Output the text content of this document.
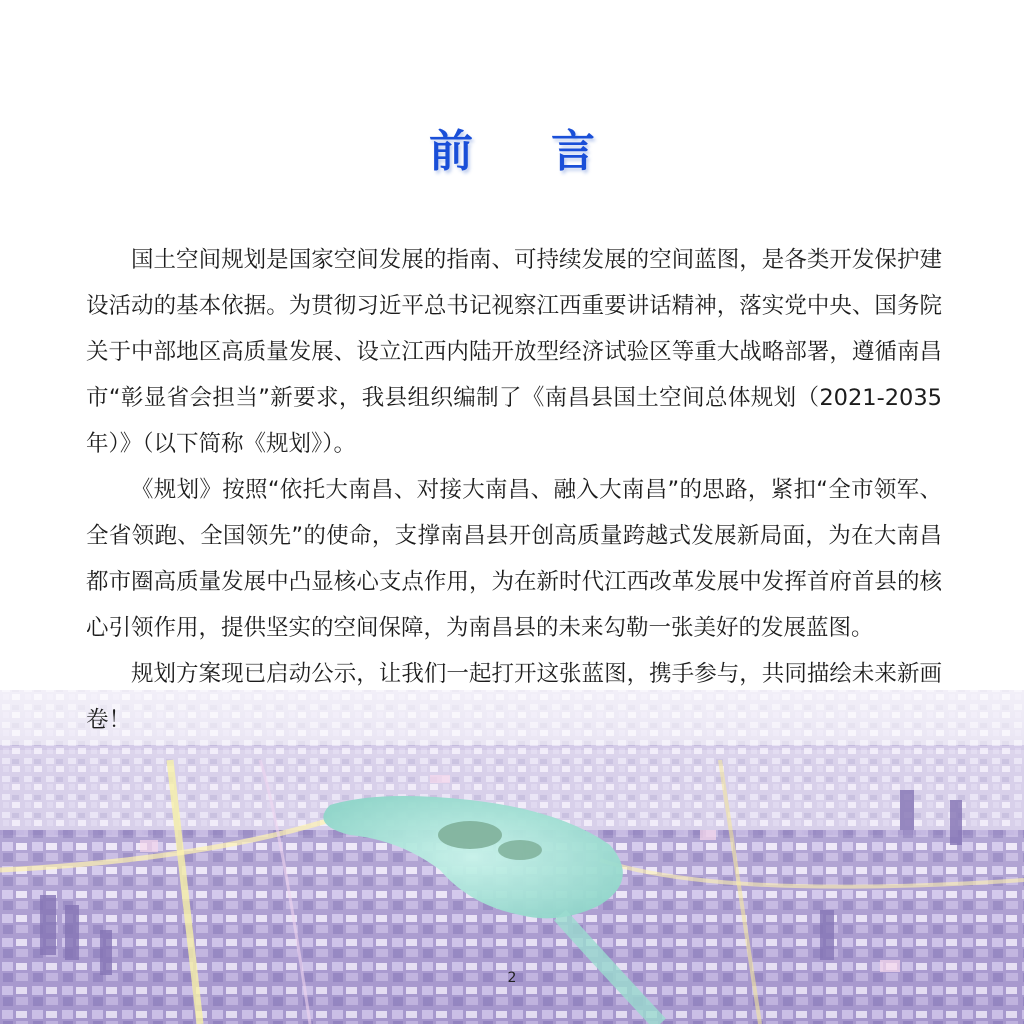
前言

国土空间规划是国家空间发展的指南、可持续发展的空间蓝图，是各类开发保护建设活动的基本依据。为贯彻习近平总书记视察江西重要讲话精神，落实党中央、国务院关于中部地区高质量发展、设立江西内陆开放型经济试验区等重大战略部署，遵循南昌市“彰显省会担当”新要求，我县组织编制了《南昌县国土空间总体规划（2021-2035 年）》（以下简称《规划》）。

《规划》按照“依托大南昌、对接大南昌、融入大南昌”的思路，紧扣“全市领军、全省领跑、全国领先”的使命，支撑南昌县开创高质量跨越式发展新局面，为在大南昌都市圈高质量发展中凸显核心支点作用，为在新时代江西改革发展中发挥首府首县的核心引领作用，提供坚实的空间保障，为南昌县的未来勾勒一张美好的发展蓝图。

规划方案现已启动公示，让我们一起打开这张蓝图，携手参与，共同描绘未来新画卷！

2
